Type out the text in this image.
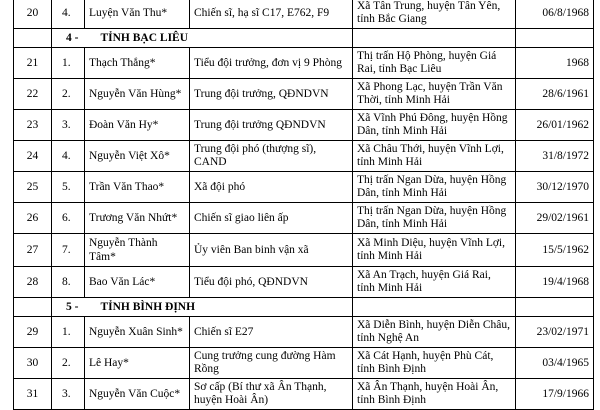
20	4.	Luyện Văn Thu*	Chiến sĩ, hạ sĩ C17, E762, F9	Xã Tân Trung, huyện Tân Yên, tỉnh Bắc Giang	06/8/1968
	4 - TỈNH BẠC LIÊU				
21	1.	Thạch Thắng*	Tiểu đội trưởng, đơn vị 9 Phòng	Thị trấn Hộ Phòng, huyện Giá Rai, tỉnh Bạc Liêu	1968
22	2.	Nguyễn Văn Hùng*	Trung đội trưởng, QĐNDVN	Xã Phong Lạc, huyện Trần Văn Thời, tỉnh Minh Hải	28/6/1961
23	3.	Đoàn Văn Hy*	Trung đội trưởng QĐNDVN	Xã Vĩnh Phú Đông, huyện Hồng Dân, tỉnh Minh Hải	26/01/1962
24	4.	Nguyễn Việt Xô*	Trung đội phó (thượng sĩ), CAND	Xã Châu Thới, huyện Vĩnh Lợi, tỉnh Minh Hải	31/8/1972
25	5.	Trần Văn Thao*	Xã đội phó	Thị trấn Ngan Dừa, huyện Hồng Dân, tỉnh Minh Hải	30/12/1970
26	6.	Trương Văn Nhứt*	Chiến sĩ giao liên ấp	Thị trấn Ngan Dừa, huyện Hồng Dân, tỉnh Minh Hải	29/02/1961
27	7.	Nguyễn Thành Tâm*	Ủy viên Ban binh vận xã	Xã Minh Diệu, huyện Vĩnh Lợi, tỉnh Minh Hải	15/5/1962
28	8.	Bao Văn Lác*	Tiểu đội phó, QĐNDVN	Xã An Trạch, huyện Giá Rai, tỉnh Minh Hải	19/4/1968
	5 - TỈNH BÌNH ĐỊNH				
29	1.	Nguyễn Xuân Sinh*	Chiến sĩ E27	Xã Diễn Bình, huyện Diễn Châu, tỉnh Nghệ An	23/02/1971
30	2.	Lê Hay*	Cung trưởng cung đường Hàm Rồng	Xã Cát Hạnh, huyện Phù Cát, tỉnh Bình Định	03/4/1965
31	3.	Nguyễn Văn Cuộc*	Sơ cấp (Bí thư xã Ân Thạnh, huyện Hoài Ân)	Xã Ân Thạnh, huyện Hoài Ân, tỉnh Bình Định	17/9/1966
